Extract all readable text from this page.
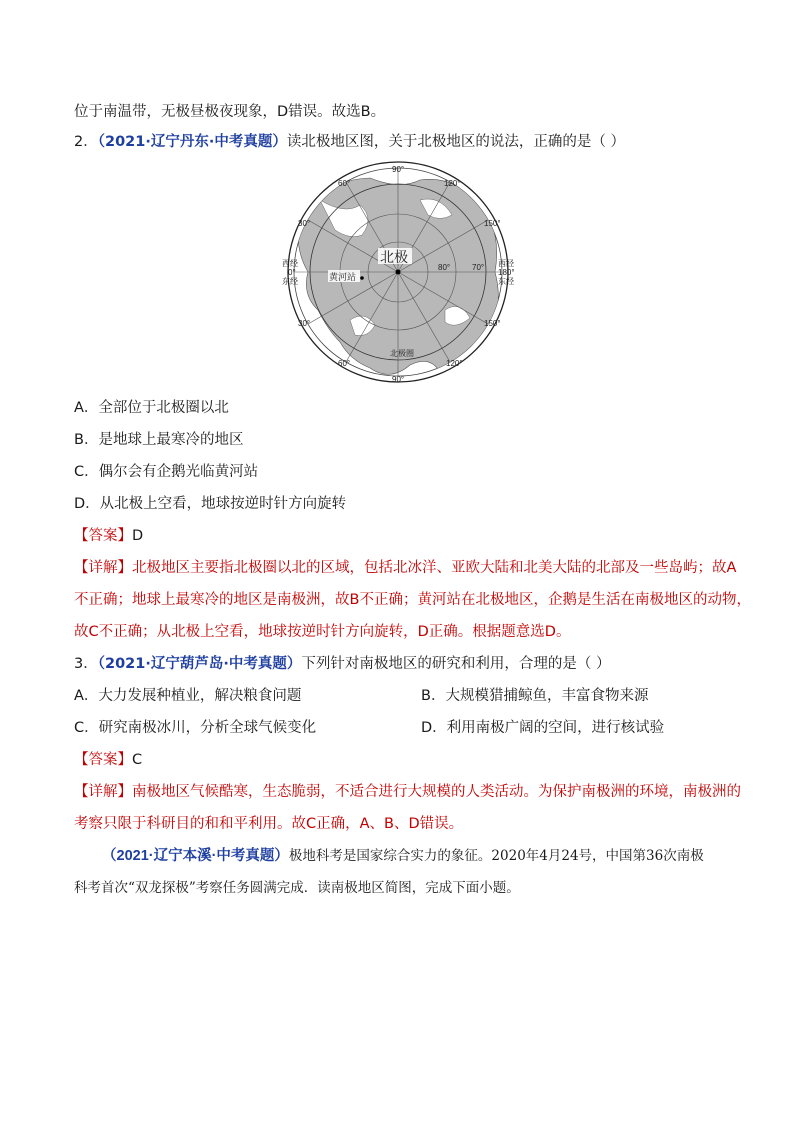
位于南温带，无极昼极夜现象，D错误。故选B。
2．（2021·辽宁丹东·中考真题）读北极地区图，关于北极地区的说法，正确的是（ ）
北极
黄河站
80°	70°
北极圈
90°
90°
60°	120°
150°
30°
西经
0°
东经
西经
180°
东经
30°	150°
60°	120°
A．全部位于北极圈以北
B．是地球上最寒冷的地区
C．偶尔会有企鹅光临黄河站
D．从北极上空看，地球按逆时针方向旋转
【答案】D
【详解】北极地区主要指北极圈以北的区域，包括北冰洋、亚欧大陆和北美大陆的北部及一些岛屿；故A
不正确；地球上最寒冷的地区是南极洲，故B不正确；黄河站在北极地区，企鹅是生活在南极地区的动物，
故C不正确；从北极上空看，地球按逆时针方向旋转，D正确。根据题意选D。
3．（2021·辽宁葫芦岛·中考真题）下列针对南极地区的研究和利用，合理的是（ ）
A．大力发展种植业，解决粮食问题	B．大规模猎捕鲸鱼，丰富食物来源
C．研究南极冰川，分析全球气候变化	D．利用南极广阔的空间，进行核试验
【答案】C
【详解】南极地区气候酷寒，生态脆弱，不适合进行大规模的人类活动。为保护南极洲的环境，南极洲的
考察只限于科研目的和和平利用。故C正确，A、B、D错误。
（2021·辽宁本溪·中考真题）极地科考是国家综合实力的象征。2020年4月24号，中国第36次南极
科考首次“双龙探极”考察任务圆满完成．读南极地区简图，完成下面小题。
